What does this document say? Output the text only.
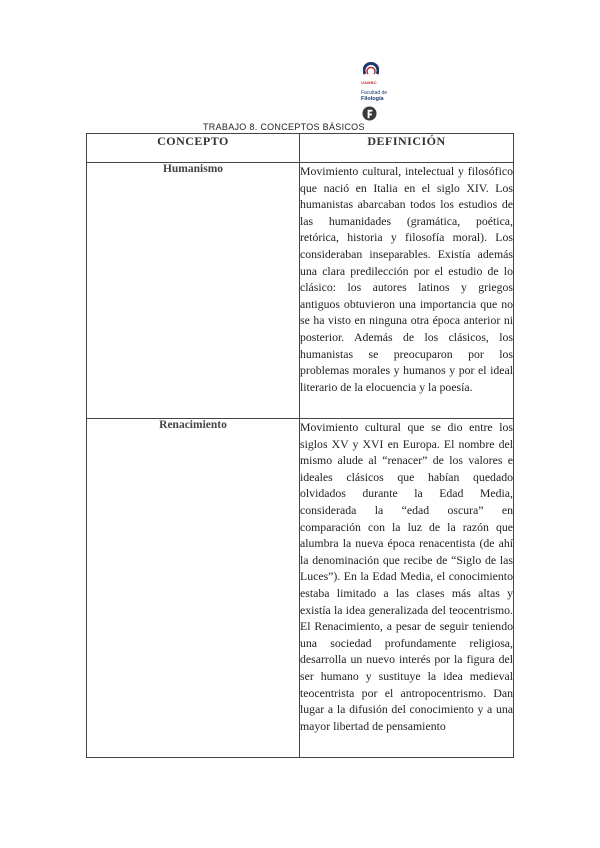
UAMBC
Facultad de
Filología
TRABAJO 8. CONCEPTOS BÁSICOS
CONCEPTO	DEFINICIÓN
Humanismo	Movimiento cultural, intelectual y filosófico que nació en Italia en el siglo XIV. Los humanistas abarcaban todos los estudios de las humanidades (gramática, poética, retórica, historia y filosofía moral). Los consideraban inseparables. Existía además una clara predilección por el estudio de lo clásico: los autores latinos y griegos antiguos obtuvieron una importancia que no se ha visto en ninguna otra época anterior ni posterior. Además de los clásicos, los humanistas se preocuparon por los problemas morales y humanos y por el ideal literario de la elocuencia y la poesía.

Renacimiento	Movimiento cultural que se dio entre los siglos XV y XVI en Europa. El nombre del mismo alude al “renacer” de los valores e ideales clásicos que habían quedado olvidados durante la Edad Media, considerada la “edad oscura” en comparación con la luz de la razón que alumbra la nueva época renacentista (de ahí la denominación que recibe de “Siglo de las Luces”). En la Edad Media, el conocimiento estaba limitado a las clases más altas y existía la idea generalizada del teocentrismo. El Renacimiento, a pesar de seguir teniendo una sociedad profundamente religiosa, desarrolla un nuevo interés por la figura del ser humano y sustituye la idea medieval teocentrista por el antropocentrismo. Dan lugar a la difusión del conocimiento y a una mayor libertad de pensamiento
